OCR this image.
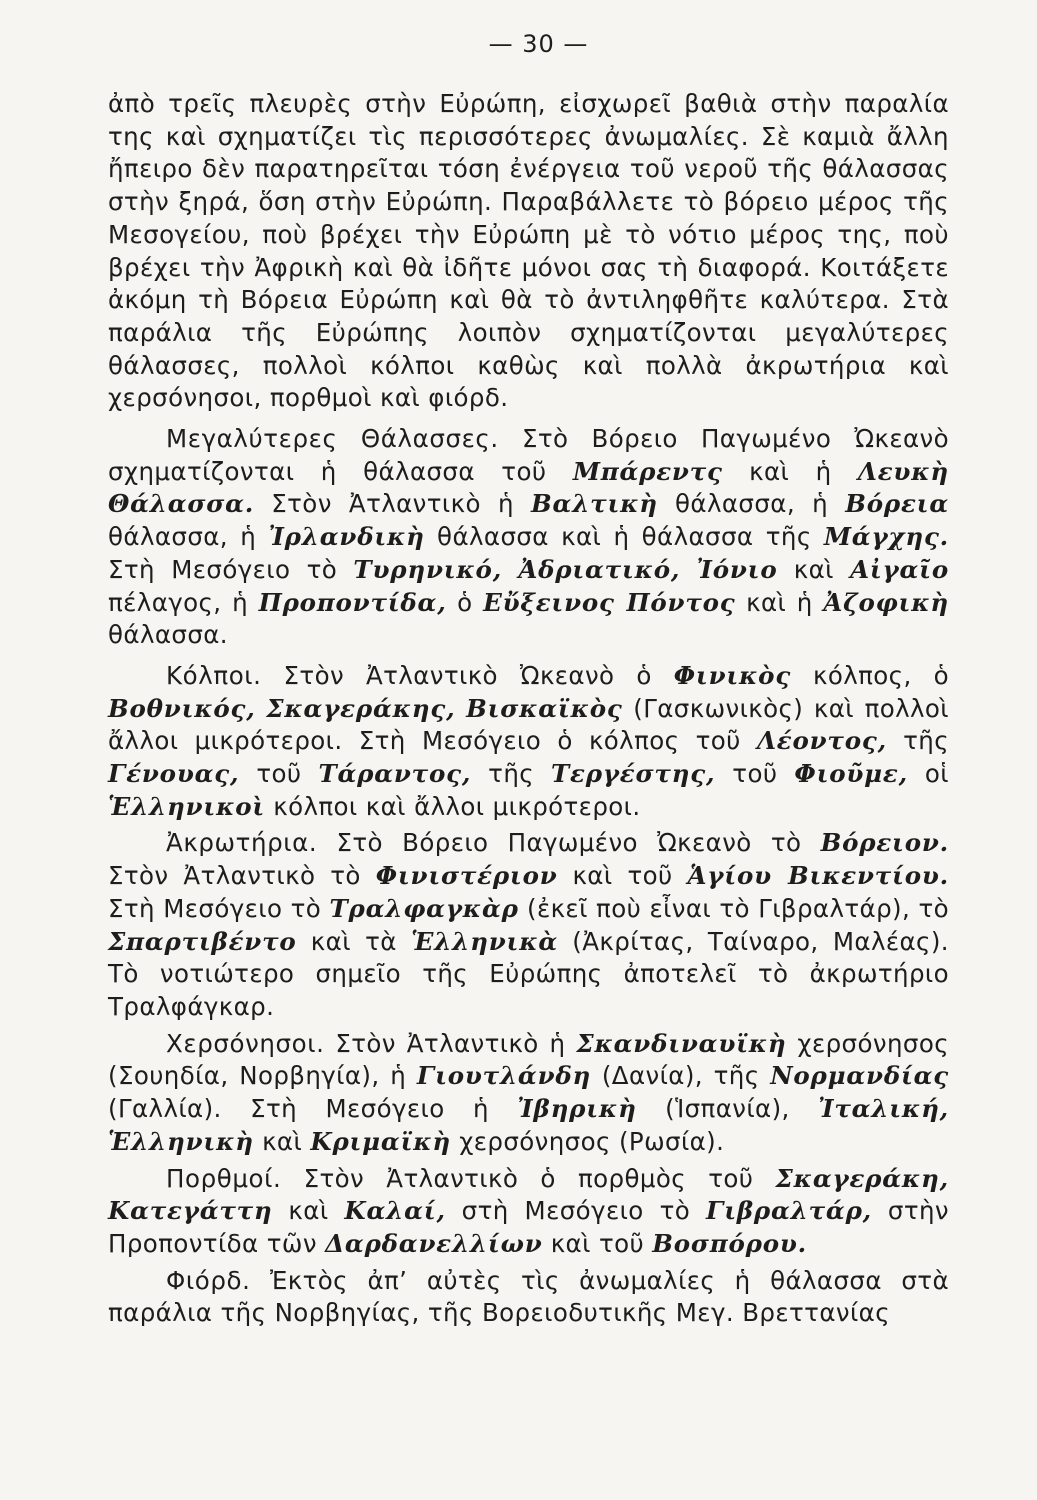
— 30 —

ἀπὸ τρεῖς πλευρὲς στὴν Εὐρώπη, εἰσχωρεῖ βαθιὰ στὴν παραλία της καὶ σχηματίζει τὶς περισσότερες ἀνωμαλίες. Σὲ καμιὰ ἄλλη ἤπειρο δὲν παρατηρεῖται τόση ἐνέργεια τοῦ νεροῦ τῆς θάλασσας στὴν ξηρά, ὅση στὴν Εὐρώπη. Παραβάλλετε τὸ βόρειο μέρος τῆς Μεσογείου, ποὺ βρέχει τὴν Εὐρώπη μὲ τὸ νότιο μέρος της, ποὺ βρέχει τὴν Ἀφρικὴ καὶ θὰ ἰδῆτε μόνοι σας τὴ διαφορά. Κοιτάξετε ἀκόμη τὴ Βόρεια Εὐρώπη καὶ θὰ τὸ ἀντιληφθῆτε καλύτερα. Στὰ παράλια τῆς Εὐρώπης λοιπὸν σχηματίζονται μεγαλύτερες θάλασσες, πολλοὶ κόλποι καθὼς καὶ πολλὰ ἀκρωτήρια καὶ χερσόνησοι, πορθμοὶ καὶ φιόρδ.

Μεγαλύτερες Θάλασσες. Στὸ Βόρειο Παγωμένο Ὠκεανὸ σχηματίζονται ἡ θάλασσα τοῦ Μπάρεντς καὶ ἡ Λευκὴ Θάλασσα. Στὸν Ἀτλαντικὸ ἡ Βαλτικὴ θάλασσα, ἡ Βόρεια θάλασσα, ἡ Ἰρλανδικὴ θάλασσα καὶ ἡ θάλασσα τῆς Μάγχης. Στὴ Μεσόγειο τὸ Τυρηνικό, Ἀδριατικό, Ἰόνιο καὶ Αἰγαῖο πέλαγος, ἡ Προποντίδα, ὁ Εὔξεινος Πόντος καὶ ἡ Ἀζοφικὴ θάλασσα.

Κόλποι. Στὸν Ἀτλαντικὸ Ὠκεανὸ ὁ Φινικὸς κόλπος, ὁ Βοθνικός, Σκαγεράκης, Βισκαϊκὸς (Γασκωνικὸς) καὶ πολλοὶ ἄλλοι μικρότεροι. Στὴ Μεσόγειο ὁ κόλπος τοῦ Λέοντος, τῆς Γένουας, τοῦ Τάραντος, τῆς Τεργέστης, τοῦ Φιοῦμε, οἱ Ἑλληνικοὶ κόλποι καὶ ἄλλοι μικρότεροι.

Ἀκρωτήρια. Στὸ Βόρειο Παγωμένο Ὠκεανὸ τὸ Βόρειον. Στὸν Ἀτλαντικὸ τὸ Φινιστέριον καὶ τοῦ Ἁγίου Βικεντίου. Στὴ Μεσόγειο τὸ Τραλφαγκὰρ (ἐκεῖ ποὺ εἶναι τὸ Γιβραλτάρ), τὸ Σπαρτιβέντο καὶ τὰ Ἑλληνικὰ (Ἀκρίτας, Ταίναρο, Μαλέας). Τὸ νοτιώτερο σημεῖο τῆς Εὐρώπης ἀποτελεῖ τὸ ἀκρωτήριο Τραλφάγκαρ.

Χερσόνησοι. Στὸν Ἀτλαντικὸ ἡ Σκανδιναυϊκὴ χερσόνησος (Σουηδία, Νορβηγία), ἡ Γιουτλάνδη (Δανία), τῆς Νορμανδίας (Γαλλία). Στὴ Μεσόγειο ἡ Ἰβηρικὴ (Ἱσπανία), Ἰταλική, Ἑλληνικὴ καὶ Κριμαϊκὴ χερσόνησος (Ρωσία).

Πορθμοί. Στὸν Ἀτλαντικὸ ὁ πορθμὸς τοῦ Σκαγεράκη, Κατεγάττη καὶ Καλαί, στὴ Μεσόγειο τὸ Γιβραλτάρ, στὴν Προποντίδα τῶν Δαρδανελλίων καὶ τοῦ Βοσπόρου.

Φιόρδ. Ἐκτὸς ἀπ’ αὐτὲς τὶς ἀνωμαλίες ἡ θάλασσα στὰ παράλια τῆς Νορβηγίας, τῆς Βορειοδυτικῆς Μεγ. Βρεττανίας
